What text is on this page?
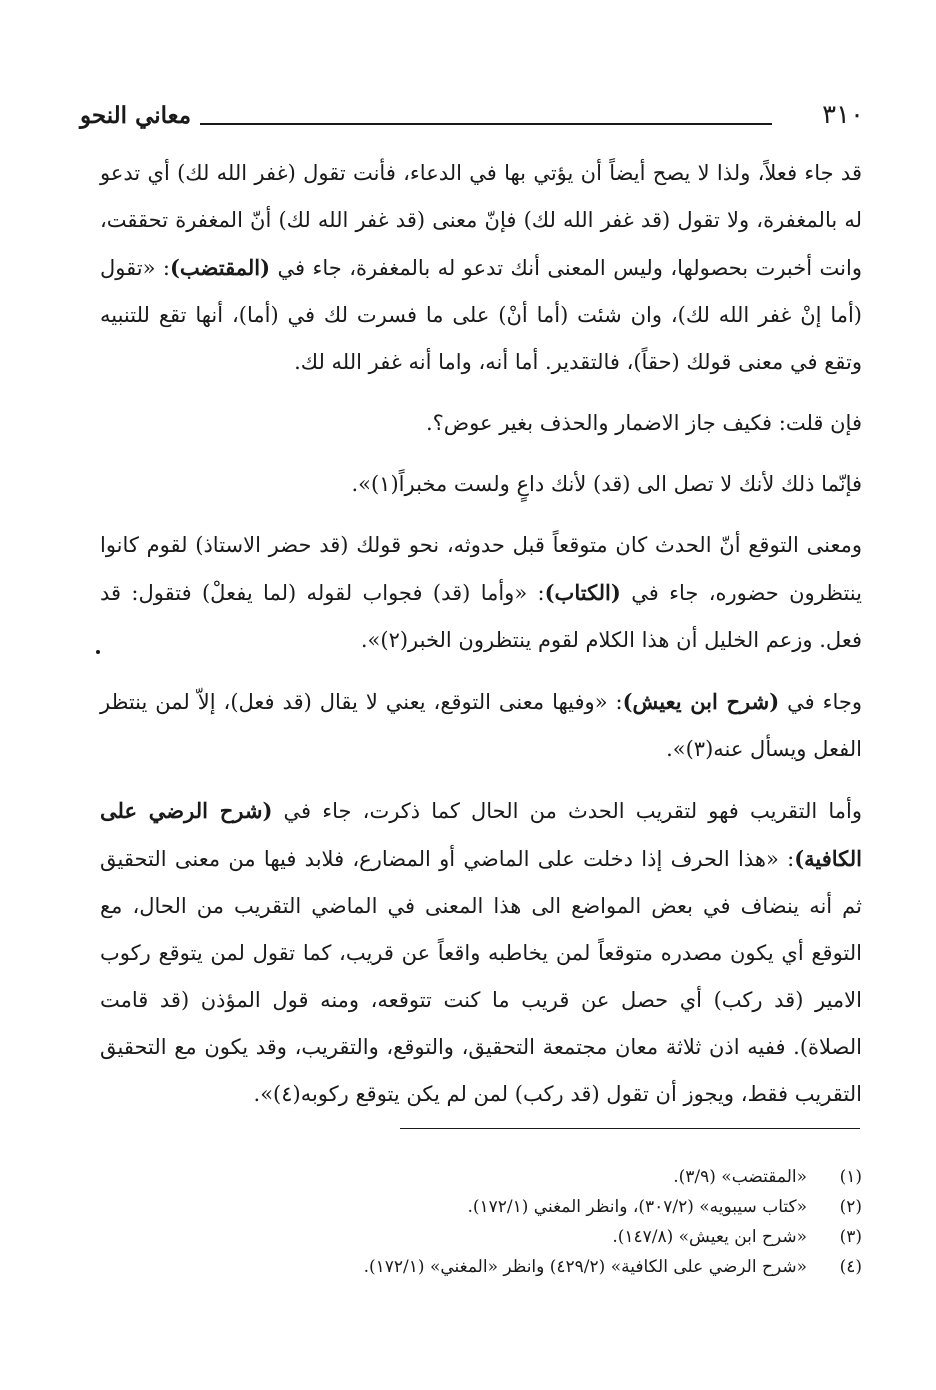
٣١٠
معاني النحو

قد جاء فعلاً، ولذا لا يصح أيضاً أن يؤتي بها في الدعاء، فأنت تقول (غفر الله لك) أي تدعو له بالمغفرة، ولا تقول (قد غفر الله لك) فإنّ معنى (قد غفر الله لك) أنّ المغفرة تحققت، وانت أخبرت بحصولها، وليس المعنى أنك تدعو له بالمغفرة، جاء في (المقتضب): «تقول (أما إنْ غفر الله لك)، وان شئت (أما أنْ) على ما فسرت لك في (أما)، أنها تقع للتنبيه وتقع في معنى قولك (حقاً)، فالتقدير. أما أنه، واما أنه غفر الله لك.

فإن قلت: فكيف جاز الاضمار والحذف بغير عوض؟.

فإنّما ذلك لأنك لا تصل الى (قد) لأنك داعٍ ولست مخبراً(١)».

ومعنى التوقع أنّ الحدث كان متوقعاً قبل حدوثه، نحو قولك (قد حضر الاستاذ) لقوم كانوا ينتظرون حضوره، جاء في (الكتاب): «وأما (قد) فجواب لقوله (لما يفعلْ) فتقول: قد فعل. وزعم الخليل أن هذا الكلام لقوم ينتظرون الخبر(٢)».

وجاء في (شرح ابن يعيش): «وفيها معنى التوقع، يعني لا يقال (قد فعل)، إلاّ لمن ينتظر الفعل ويسأل عنه(٣)».

وأما التقريب فهو لتقريب الحدث من الحال كما ذكرت، جاء في (شرح الرضي على الكافية): «هذا الحرف إذا دخلت على الماضي أو المضارع، فلابد فيها من معنى التحقيق ثم أنه ينضاف في بعض المواضع الى هذا المعنى في الماضي التقريب من الحال، مع التوقع أي يكون مصدره متوقعاً لمن يخاطبه واقعاً عن قريب، كما تقول لمن يتوقع ركوب الامير (قد ركب) أي حصل عن قريب ما كنت تتوقعه، ومنه قول المؤذن (قد قامت الصلاة). ففيه اذن ثلاثة معان مجتمعة التحقيق، والتوقع، والتقريب، وقد يكون مع التحقيق التقريب فقط، ويجوز أن تقول (قد ركب) لمن لم يكن يتوقع ركوبه(٤)».

(١)«المقتضب» (٣/٩).
(٢)«كتاب سيبويه» (٣٠٧/٢)، وانظر المغني (١٧٢/١).
(٣)«شرح ابن يعيش» (١٤٧/٨).
(٤)«شرح الرضي على الكافية» (٤٢٩/٢) وانظر «المغني» (١٧٢/١).
